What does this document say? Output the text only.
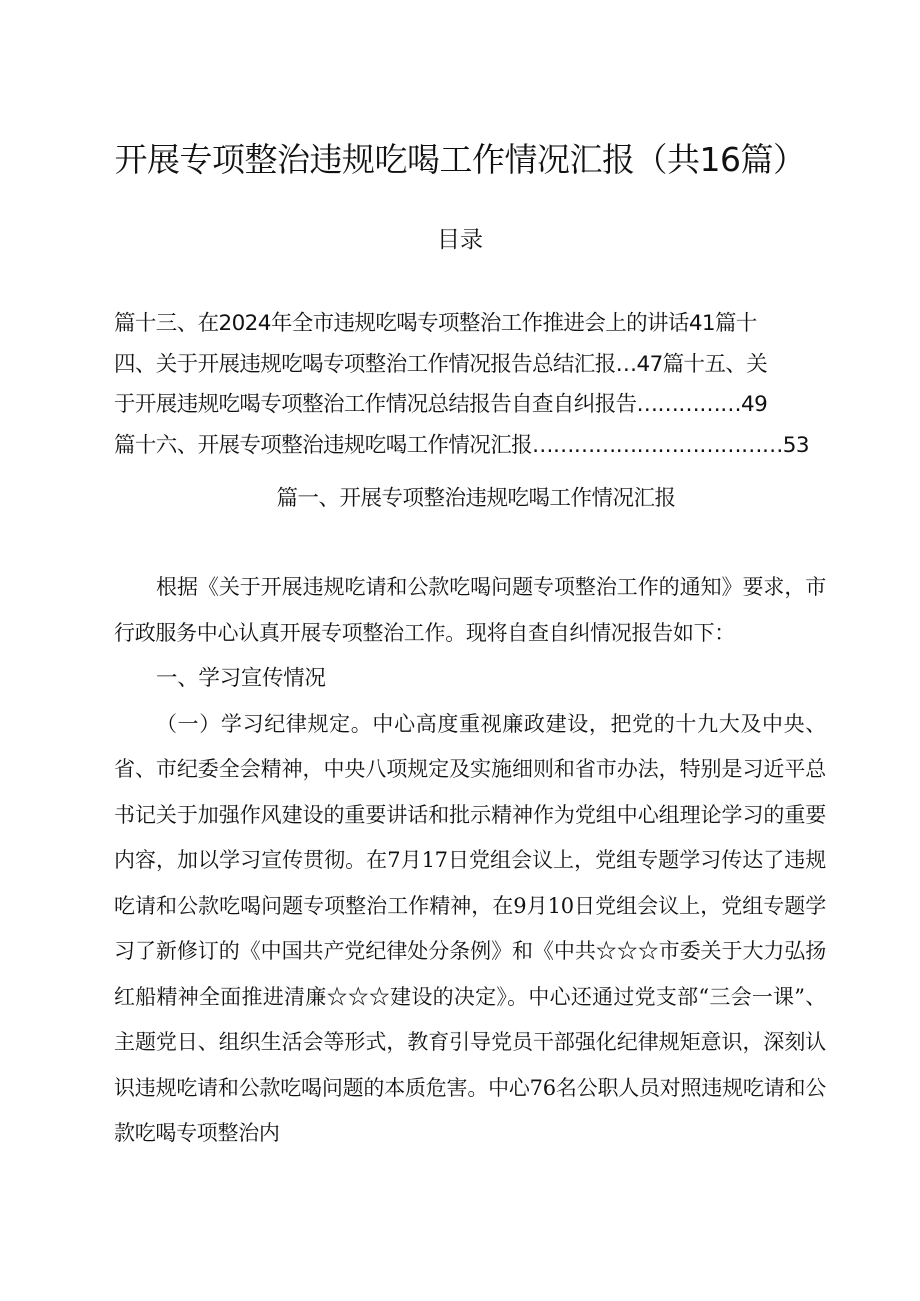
开展专项整治违规吃喝工作情况汇报（共16篇）
目录
篇十三、在2024年全市违规吃喝专项整治工作推进会上的讲话41篇十
四、关于开展违规吃喝专项整治工作情况报告总结汇报…47篇十五、关
于开展违规吃喝专项整治工作情况总结报告自查自纠报告……………49
篇十六、开展专项整治违规吃喝工作情况汇报………………………………53
篇一、开展专项整治违规吃喝工作情况汇报

根据《关于开展违规吃请和公款吃喝问题专项整治工作的通知》要求，市行政服务中心认真开展专项整治工作。现将自查自纠情况报告如下：

一、学习宣传情况

（一）学习纪律规定。中心高度重视廉政建设，把党的十九大及中央、省、市纪委全会精神，中央八项规定及实施细则和省市办法，特别是习近平总书记关于加强作风建设的重要讲话和批示精神作为党组中心组理论学习的重要内容，加以学习宣传贯彻。在7月17日党组会议上，党组专题学习传达了违规吃请和公款吃喝问题专项整治工作精神，在9月10日党组会议上，党组专题学习了新修订的《中国共产党纪律处分条例》和《中共☆☆☆市委关于大力弘扬红船精神全面推进清廉☆☆☆建设的决定》。中心还通过党支部“三会一课”、主题党日、组织生活会等形式，教育引导党员干部强化纪律规矩意识，深刻认识违规吃请和公款吃喝问题的本质危害。中心76名公职人员对照违规吃请和公款吃喝专项整治内
